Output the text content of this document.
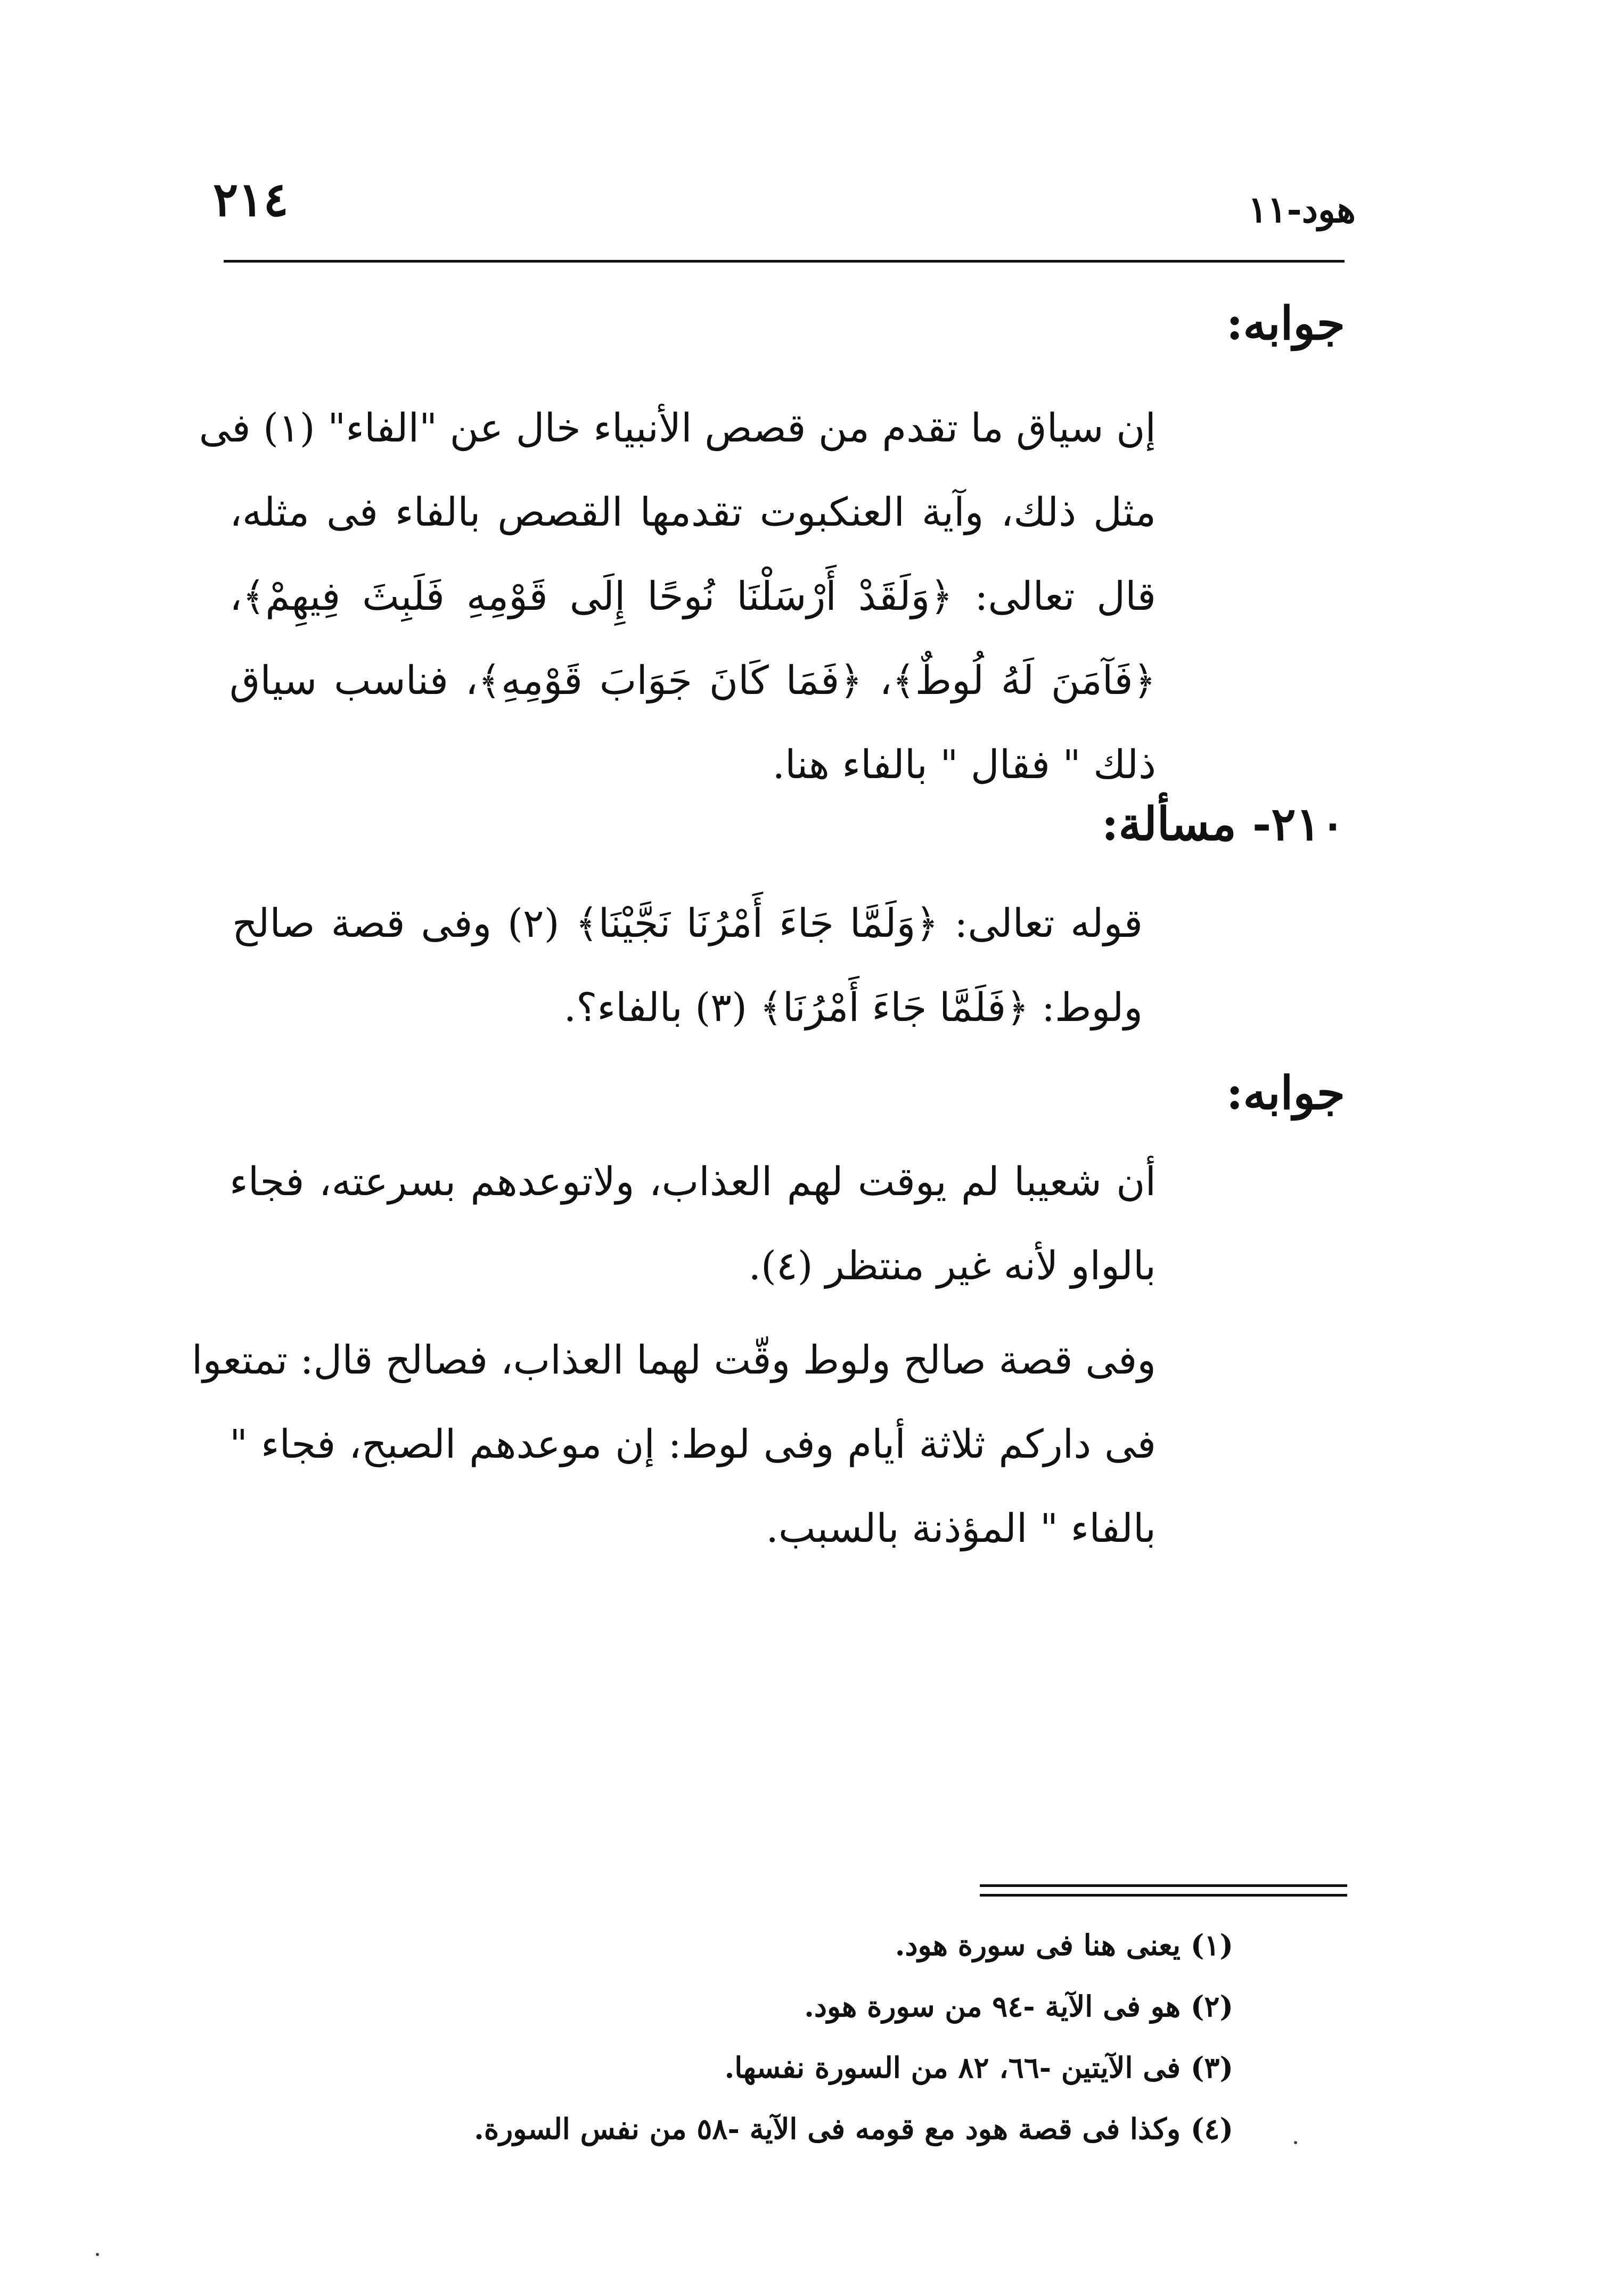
٢١٤	هود-١١
جوابه:
إن سياق ما تقدم من قصص الأنبياء خال عن "الفاء" (١) فى
مثل ذلك، وآية العنكبوت تقدمها القصص بالفاء فى مثله،
قال تعالى: ﴿وَلَقَدْ أَرْسَلْنَا نُوحًا إِلَى قَوْمِهِ فَلَبِثَ فِيهِمْ﴾،
﴿فَآمَنَ لَهُ لُوطٌ﴾، ﴿فَمَا كَانَ جَوَابَ قَوْمِهِ﴾، فناسب سياق
ذلك " فقال " بالفاء هنا.
٢١٠- مسألة:
قوله تعالى: ﴿وَلَمَّا جَاءَ أَمْرُنَا نَجَّيْنَا﴾ (٢) وفى قصة صالح
ولوط: ﴿فَلَمَّا جَاءَ أَمْرُنَا﴾ (٣) بالفاء؟.
جوابه:
أن شعيبا لم يوقت لهم العذاب، ولاتوعدهم بسرعته، فجاء
بالواو لأنه غير منتظر (٤).
وفى قصة صالح ولوط وقّت لهما العذاب، فصالح قال: تمتعوا
فى داركم ثلاثة أيام وفى لوط: إن موعدهم الصبح، فجاء "
بالفاء " المؤذنة بالسبب.
(١) يعنى هنا فى سورة هود.
(٢) هو فى الآية -٩٤ من سورة هود.
(٣) فى الآيتين -٦٦، ٨٢ من السورة نفسها.
(٤) وكذا فى قصة هود مع قومه فى الآية -٥٨ من نفس السورة.
